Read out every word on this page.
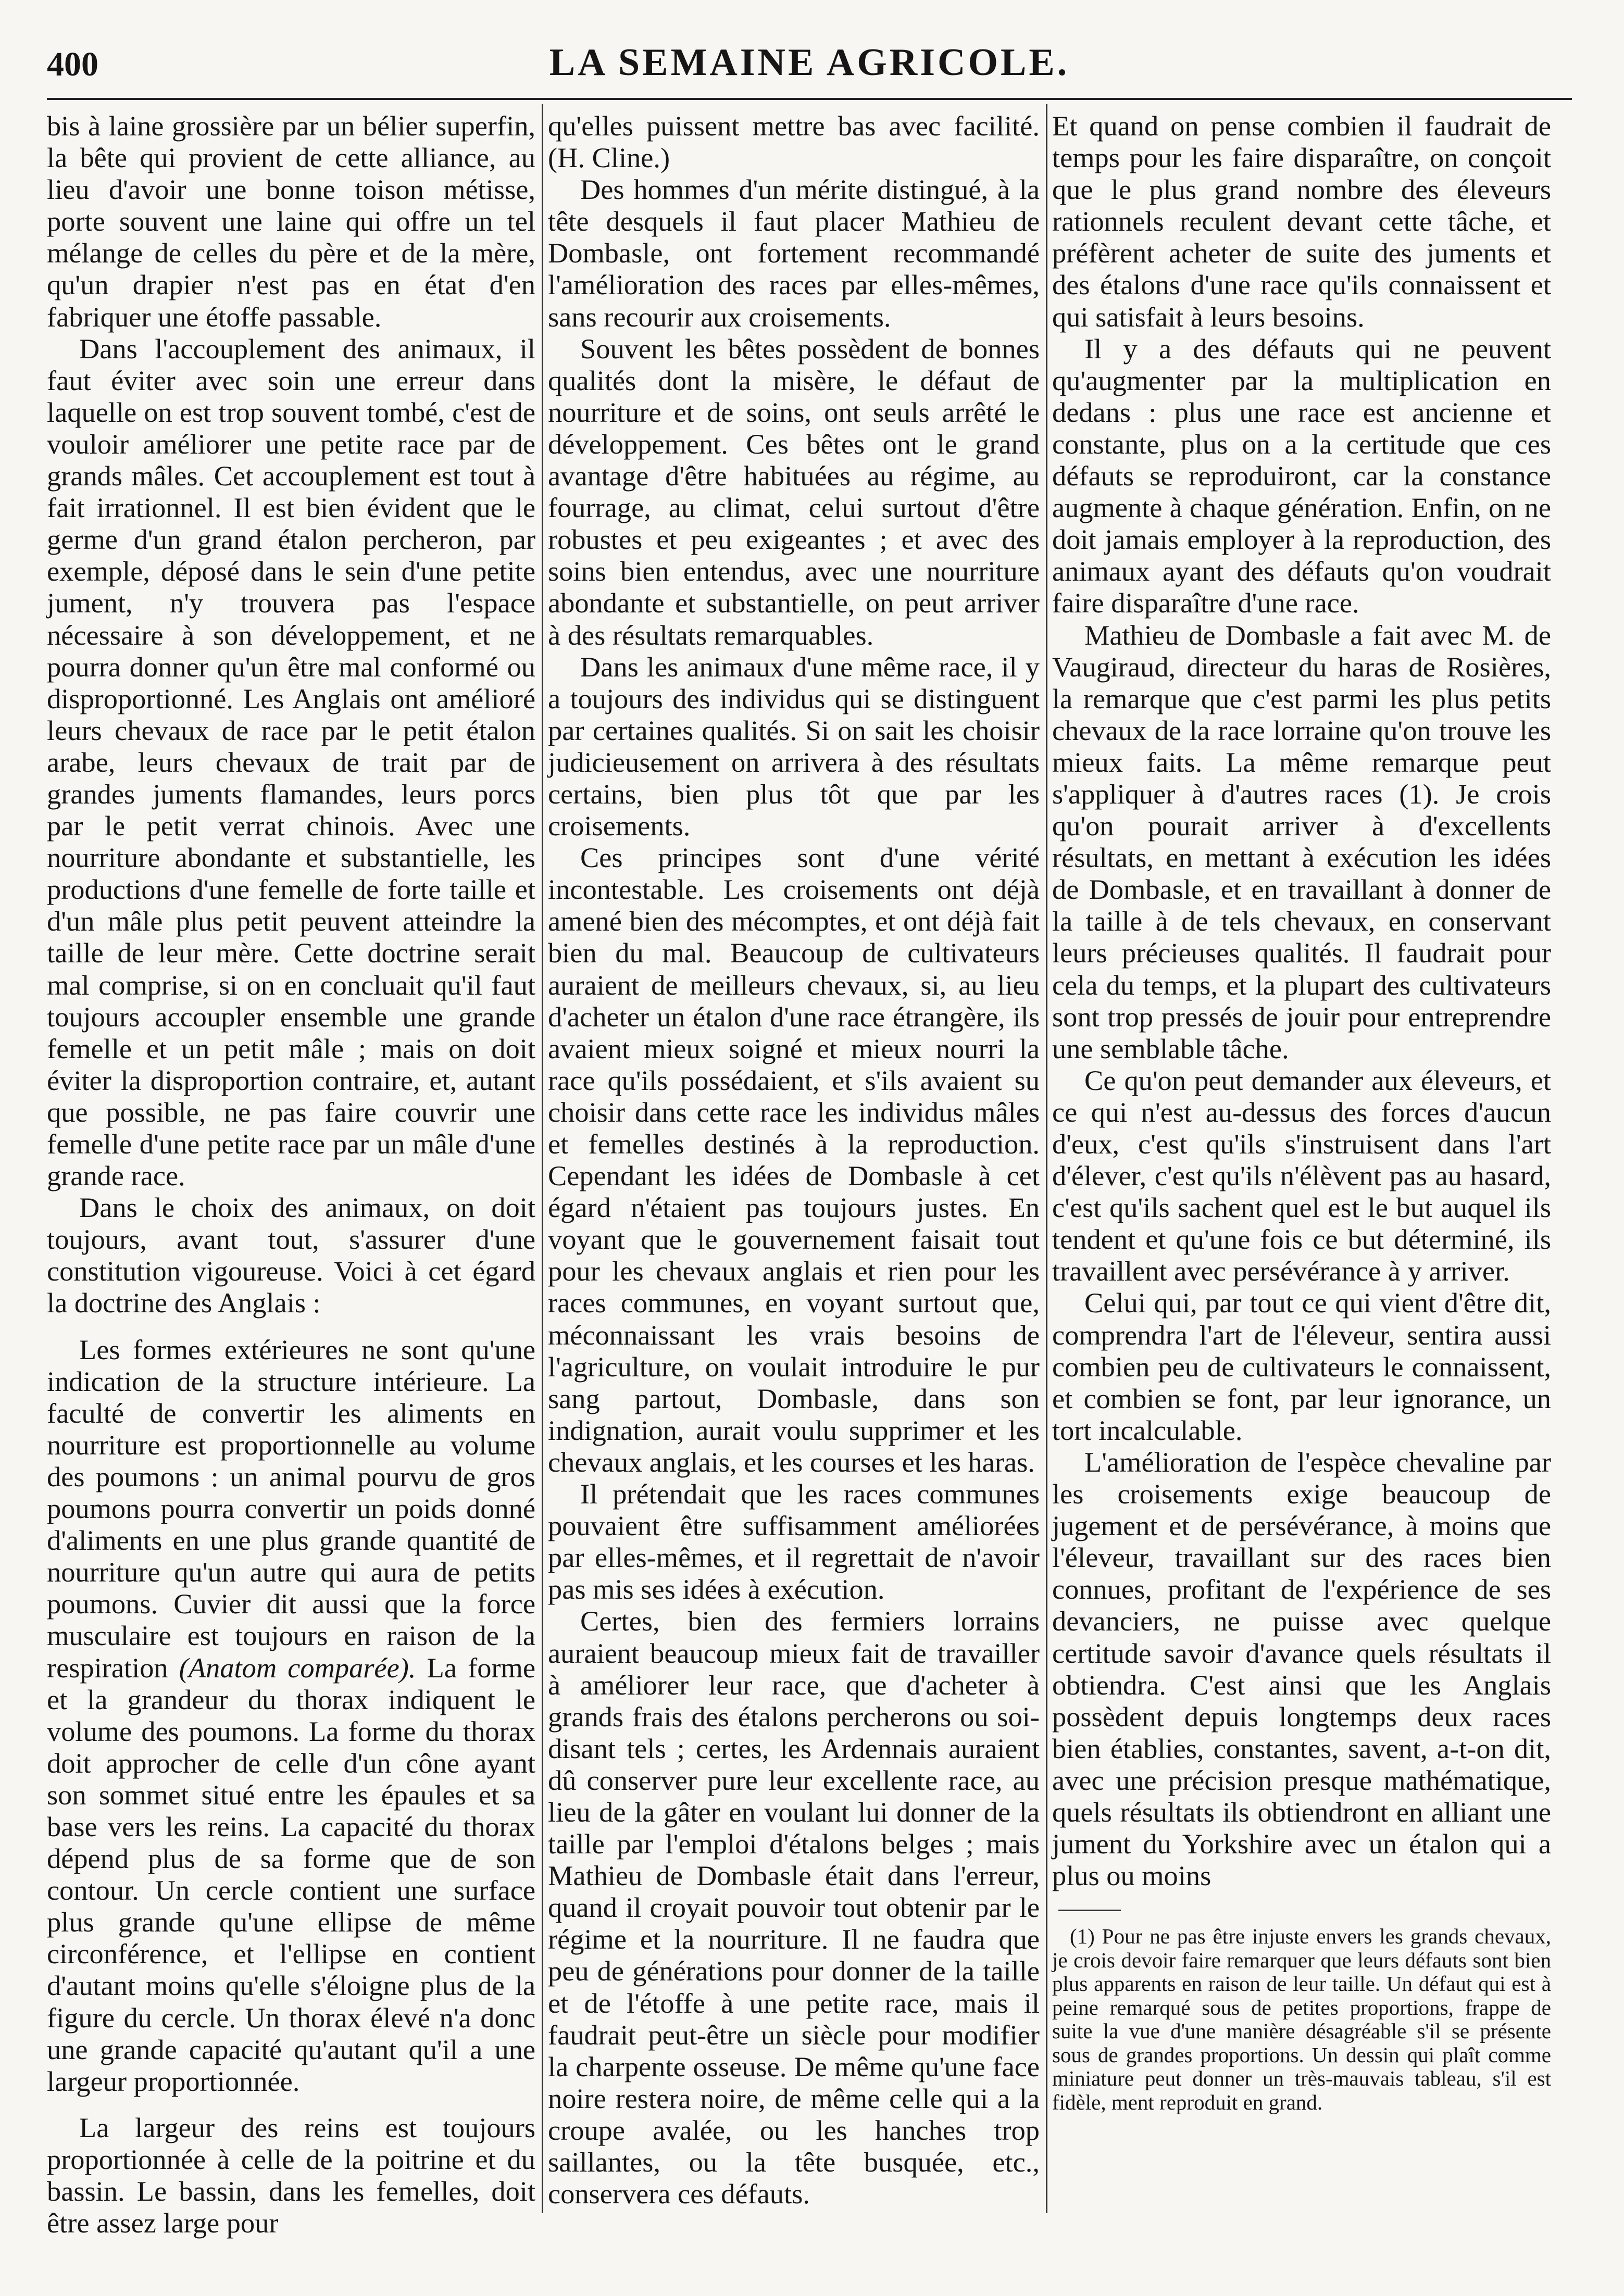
400	LA SEMAINE AGRICOLE.

bis à laine grossière par un bélier superfin, la bête qui provient de cette alliance, au lieu d'avoir une bonne toison métisse, porte souvent une laine qui offre un tel mélange de celles du père et de la mère, qu'un drapier n'est pas en état d'en fabriquer une étoffe passable.

Dans l'accouplement des animaux, il faut éviter avec soin une erreur dans laquelle on est trop souvent tombé, c'est de vouloir améliorer une petite race par de grands mâles. Cet accouplement est tout à fait irrationnel. Il est bien évident que le germe d'un grand étalon percheron, par exemple, déposé dans le sein d'une petite jument, n'y trouvera pas l'espace nécessaire à son développement, et ne pourra donner qu'un être mal conformé ou disproportionné. Les Anglais ont amélioré leurs chevaux de race par le petit étalon arabe, leurs chevaux de trait par de grandes juments flamandes, leurs porcs par le petit verrat chinois. Avec une nourriture abondante et substantielle, les productions d'une femelle de forte taille et d'un mâle plus petit peuvent atteindre la taille de leur mère. Cette doctrine serait mal comprise, si on en concluait qu'il faut toujours accoupler ensemble une grande femelle et un petit mâle ; mais on doit éviter la disproportion contraire, et, autant que possible, ne pas faire couvrir une femelle d'une petite race par un mâle d'une grande race.

Dans le choix des animaux, on doit toujours, avant tout, s'assurer d'une constitution vigoureuse. Voici à cet égard la doctrine des Anglais :

Les formes extérieures ne sont qu'une indication de la structure intérieure. La faculté de convertir les aliments en nourriture est proportionnelle au volume des poumons : un animal pourvu de gros poumons pourra convertir un poids donné d'aliments en une plus grande quantité de nourriture qu'un autre qui aura de petits poumons. Cuvier dit aussi que la force musculaire est toujours en raison de la respiration (Anatom comparée). La forme et la grandeur du thorax indiquent le volume des poumons. La forme du thorax doit approcher de celle d'un cône ayant son sommet situé entre les épaules et sa base vers les reins. La capacité du thorax dépend plus de sa forme que de son contour. Un cercle contient une surface plus grande qu'une ellipse de même circonférence, et l'ellipse en contient d'autant moins qu'elle s'éloigne plus de la figure du cercle. Un thorax élevé n'a donc une grande capacité qu'autant qu'il a une largeur proportionnée.

La largeur des reins est toujours proportionnée à celle de la poitrine et du bassin. Le bassin, dans les femelles, doit être assez large pour

qu'elles puissent mettre bas avec facilité. (H. Cline.)

Des hommes d'un mérite distingué, à la tête desquels il faut placer Mathieu de Dombasle, ont fortement recommandé l'amélioration des races par elles-mêmes, sans recourir aux croisements.

Souvent les bêtes possèdent de bonnes qualités dont la misère, le défaut de nourriture et de soins, ont seuls arrêté le développement. Ces bêtes ont le grand avantage d'être habituées au régime, au fourrage, au climat, celui surtout d'être robustes et peu exigeantes ; et avec des soins bien entendus, avec une nourriture abondante et substantielle, on peut arriver à des résultats remarquables.

Dans les animaux d'une même race, il y a toujours des individus qui se distinguent par certaines qualités. Si on sait les choisir judicieusement on arrivera à des résultats certains, bien plus tôt que par les croisements.

Ces principes sont d'une vérité incontestable. Les croisements ont déjà amené bien des mécomptes, et ont déjà fait bien du mal. Beaucoup de cultivateurs auraient de meilleurs chevaux, si, au lieu d'acheter un étalon d'une race étrangère, ils avaient mieux soigné et mieux nourri la race qu'ils possédaient, et s'ils avaient su choisir dans cette race les individus mâles et femelles destinés à la reproduction. Cependant les idées de Dombasle à cet égard n'étaient pas toujours justes. En voyant que le gouvernement faisait tout pour les chevaux anglais et rien pour les races communes, en voyant surtout que, méconnaissant les vrais besoins de l'agriculture, on voulait introduire le pur sang partout, Dombasle, dans son indignation, aurait voulu supprimer et les chevaux anglais, et les courses et les haras.

Il prétendait que les races communes pouvaient être suffisamment améliorées par elles-mêmes, et il regrettait de n'avoir pas mis ses idées à exécution.

Certes, bien des fermiers lorrains auraient beaucoup mieux fait de travailler à améliorer leur race, que d'acheter à grands frais des étalons percherons ou soi-disant tels ; certes, les Ardennais auraient dû conserver pure leur excellente race, au lieu de la gâter en voulant lui donner de la taille par l'emploi d'étalons belges ; mais Mathieu de Dombasle était dans l'erreur, quand il croyait pouvoir tout obtenir par le régime et la nourriture. Il ne faudra que peu de générations pour donner de la taille et de l'étoffe à une petite race, mais il faudrait peut-être un siècle pour modifier la charpente osseuse. De même qu'une face noire restera noire, de même celle qui a la croupe avalée, ou les hanches trop saillantes, ou la tête busquée, etc., conservera ces défauts.

Et quand on pense combien il faudrait de temps pour les faire disparaître, on conçoit que le plus grand nombre des éleveurs rationnels reculent devant cette tâche, et préfèrent acheter de suite des juments et des étalons d'une race qu'ils connaissent et qui satisfait à leurs besoins.

Il y a des défauts qui ne peuvent qu'augmenter par la multiplication en dedans : plus une race est ancienne et constante, plus on a la certitude que ces défauts se reproduiront, car la constance augmente à chaque génération. Enfin, on ne doit jamais employer à la reproduction, des animaux ayant des défauts qu'on voudrait faire disparaître d'une race.

Mathieu de Dombasle a fait avec M. de Vaugiraud, directeur du haras de Rosières, la remarque que c'est parmi les plus petits chevaux de la race lorraine qu'on trouve les mieux faits. La même remarque peut s'appliquer à d'autres races (1). Je crois qu'on pourait arriver à d'excellents résultats, en mettant à exécution les idées de Dombasle, et en travaillant à donner de la taille à de tels chevaux, en conservant leurs précieuses qualités. Il faudrait pour cela du temps, et la plupart des cultivateurs sont trop pressés de jouir pour entreprendre une semblable tâche.

Ce qu'on peut demander aux éleveurs, et ce qui n'est au-dessus des forces d'aucun d'eux, c'est qu'ils s'instruisent dans l'art d'élever, c'est qu'ils n'élèvent pas au hasard, c'est qu'ils sachent quel est le but auquel ils tendent et qu'une fois ce but déterminé, ils travaillent avec persévérance à y arriver.

Celui qui, par tout ce qui vient d'être dit, comprendra l'art de l'éleveur, sentira aussi combien peu de cultivateurs le connaissent, et combien se font, par leur ignorance, un tort incalculable.

L'amélioration de l'espèce chevaline par les croisements exige beaucoup de jugement et de persévérance, à moins que l'éleveur, travaillant sur des races bien connues, profitant de l'expérience de ses devanciers, ne puisse avec quelque certitude savoir d'avance quels résultats il obtiendra. C'est ainsi que les Anglais possèdent depuis longtemps deux races bien établies, constantes, savent, a-t-on dit, avec une précision presque mathématique, quels résultats ils obtiendront en alliant une jument du Yorkshire avec un étalon qui a plus ou moins

(1) Pour ne pas être injuste envers les grands chevaux, je crois devoir faire remarquer que leurs défauts sont bien plus apparents en raison de leur taille. Un défaut qui est à peine remarqué sous de petites proportions, frappe de suite la vue d'une manière désagréable s'il se présente sous de grandes proportions. Un dessin qui plaît comme miniature peut donner un très-mauvais tableau, s'il est fidèle, ment reproduit en grand.
